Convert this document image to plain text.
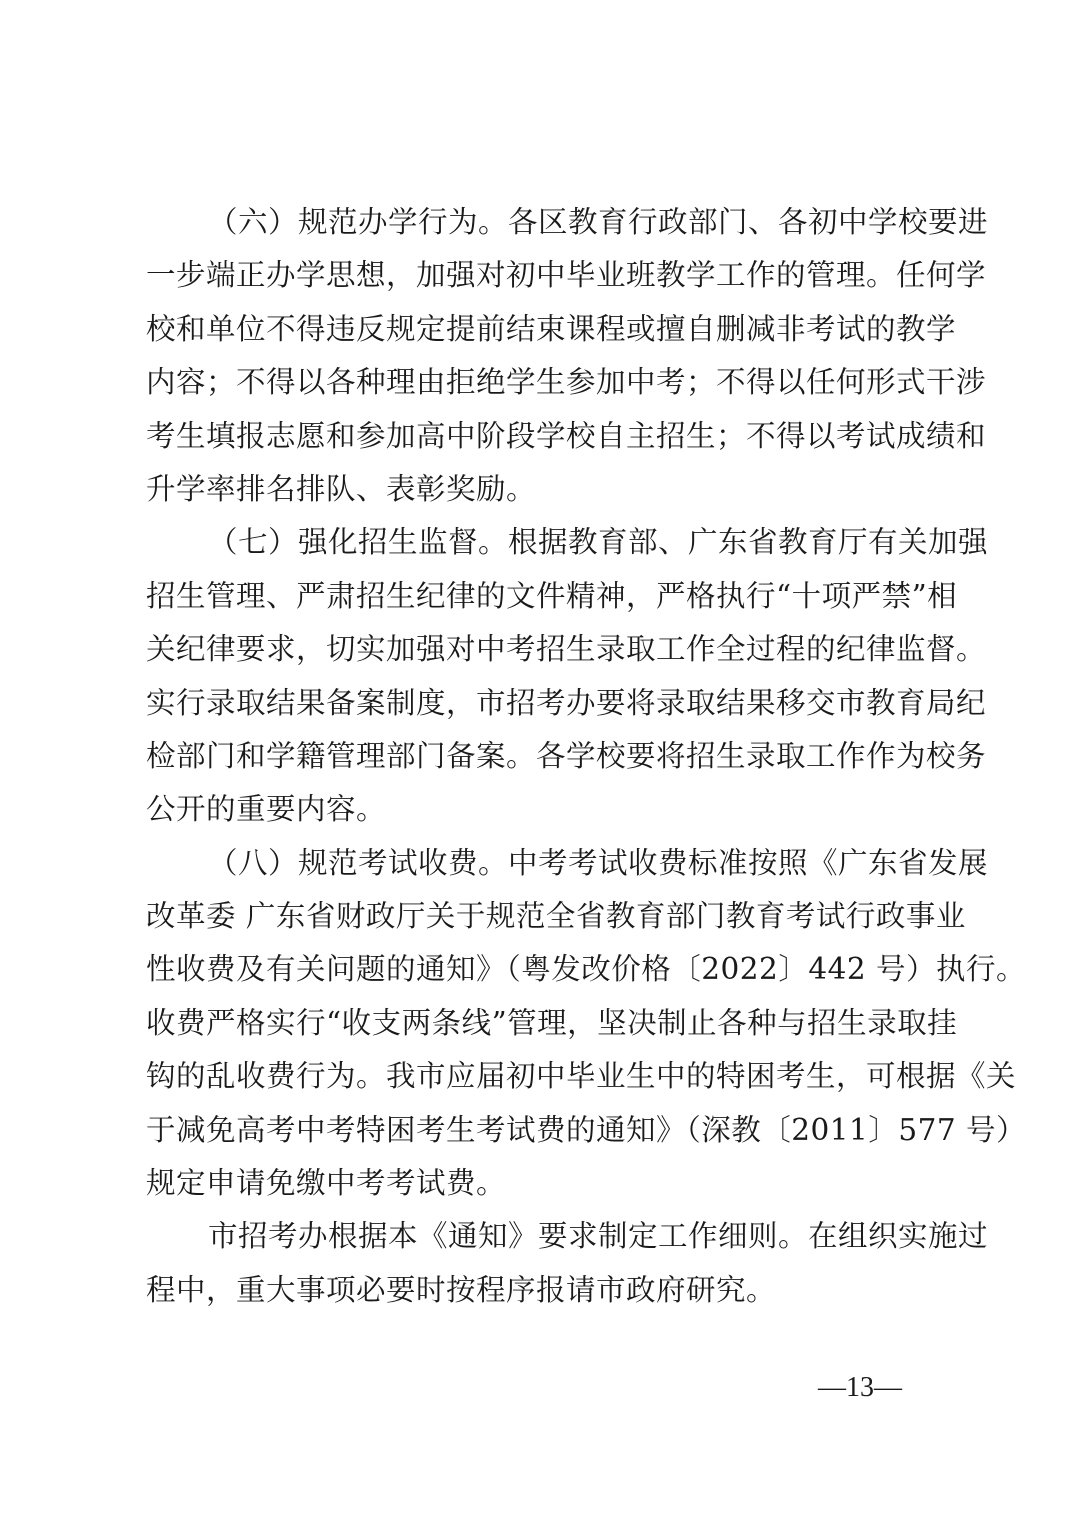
（六）规范办学行为。各区教育行政部门、各初中学校要进
一步端正办学思想，加强对初中毕业班教学工作的管理。任何学
校和单位不得违反规定提前结束课程或擅自删减非考试的教学
内容；不得以各种理由拒绝学生参加中考；不得以任何形式干涉
考生填报志愿和参加高中阶段学校自主招生；不得以考试成绩和
升学率排名排队、表彰奖励。
（七）强化招生监督。根据教育部、广东省教育厅有关加强
招生管理、严肃招生纪律的文件精神，严格执行“十项严禁”相
关纪律要求，切实加强对中考招生录取工作全过程的纪律监督。
实行录取结果备案制度，市招考办要将录取结果移交市教育局纪
检部门和学籍管理部门备案。各学校要将招生录取工作作为校务
公开的重要内容。
（八）规范考试收费。中考考试收费标准按照《广东省发展
改革委 广东省财政厅关于规范全省教育部门教育考试行政事业
性收费及有关问题的通知》（粤发改价格〔2022〕442 号）执行。
收费严格实行“收支两条线”管理，坚决制止各种与招生录取挂
钩的乱收费行为。我市应届初中毕业生中的特困考生，可根据《关
于减免高考中考特困考生考试费的通知》（深教〔2011〕577 号）
规定申请免缴中考考试费。
市招考办根据本《通知》要求制定工作细则。在组织实施过
程中，重大事项必要时按程序报请市政府研究。
—13—
